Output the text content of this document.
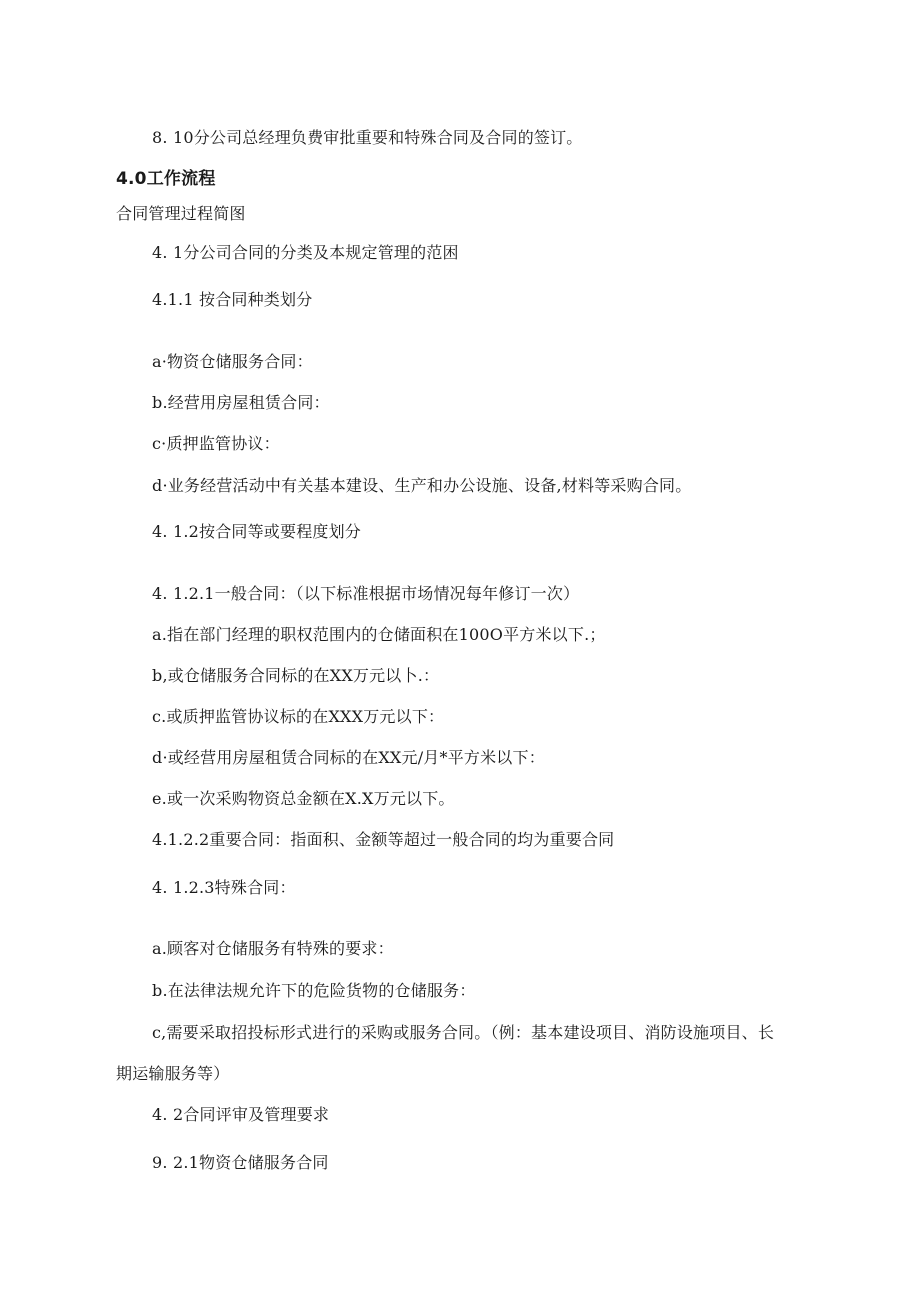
8. 10分公司总经理负费审批重要和特殊合同及合同的签订。
4.0工作流程
合同管理过程简图
4. 1分公司合同的分类及本规定管理的范困
4.1.1 按合同种类划分
a·物资仓储服务合同：
b.经营用房屋租赁合同：
c·质押监管协议：
d·业务经营活动中有关基本建设、生产和办公设施、设备,材料等采购合同。
4. 1.2按合同等或要程度划分
4. 1.2.1一般合同：（以下标准根据市场情况每年修订一次）
a.指在部门经理的职权范围内的仓储面积在100O平方米以下.；
b,或仓储服务合同标的在XX万元以卜.：
c.或质押监管协议标的在XXX万元以下：
d·或经营用房屋租赁合同标的在XX元/月*平方米以下：
e.或一次采购物资总金额在X.X万元以下。
4.1.2.2重要合同：指面积、金额等超过一般合同的均为重要合同
4. 1.2.3特殊合同：
a.顾客对仓储服务有特殊的要求：
b.在法律法规允许下的危险货物的仓储服务：
c,需要采取招投标形式进行的采购或服务合同。（例：基本建设项目、消防设施项目、长
期运输服务等）
4. 2合同评审及管理要求
9. 2.1物资仓储服务合同
